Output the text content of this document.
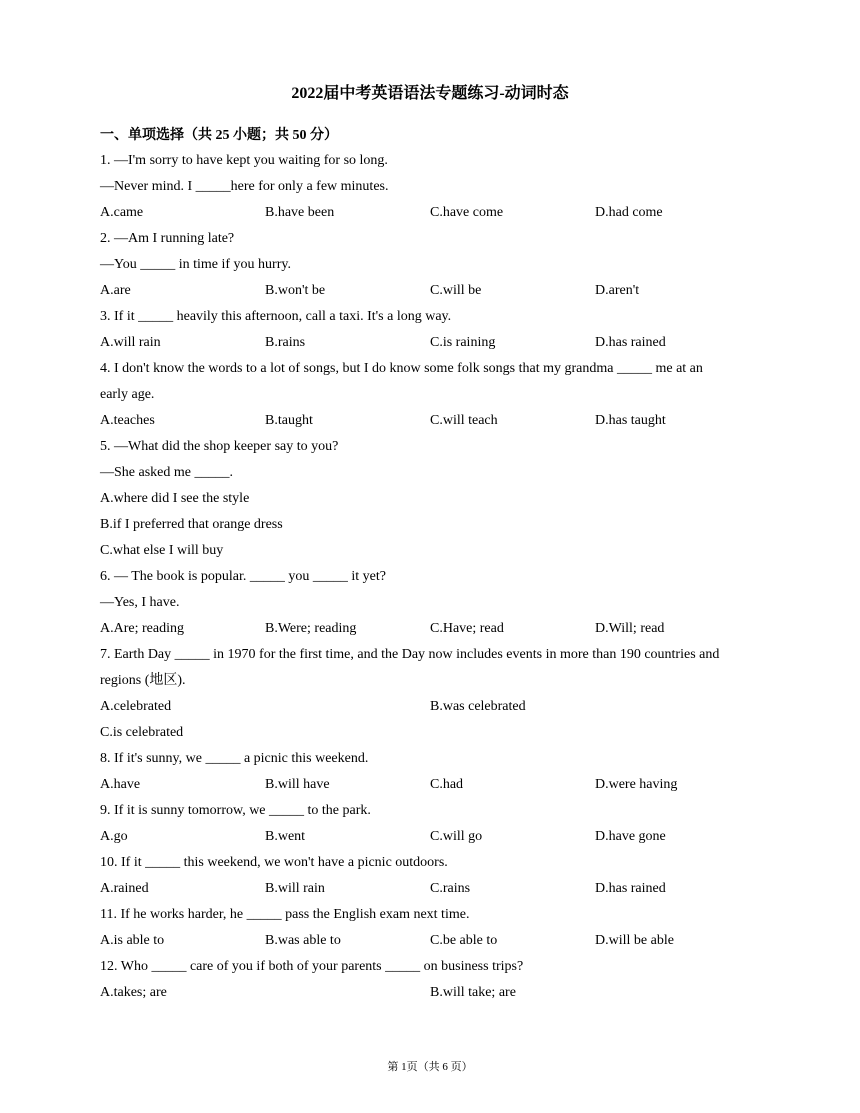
2022届中考英语语法专题练习-动词时态
一、单项选择（共 25 小题；共 50 分）
1. —I'm sorry to have kept you waiting for so long.
—Never mind. I _____here for only a few minutes.
A.came	B.have been	C.have come	D.had come
2. —Am I running late?
—You _____ in time if you hurry.
A.are	B.won't be	C.will be	D.aren't
3. If it _____ heavily this afternoon, call a taxi. It's a long way.
A.will rain	B.rains	C.is raining	D.has rained
4. I don't know the words to a lot of songs, but I do know some folk songs that my grandma _____ me at an
early age.
A.teaches	B.taught	C.will teach	D.has taught
5. —What did the shop keeper say to you?
—She asked me _____.
A.where did I see the style
B.if I preferred that orange dress
C.what else I will buy
6. — The book is popular. _____ you _____ it yet?
—Yes, I have.
A.Are; reading	B.Were; reading	C.Have; read	D.Will; read
7. Earth Day _____ in 1970 for the first time, and the Day now includes events in more than 190 countries and
regions (地区).
A.celebrated	B.was celebrated
C.is celebrated
8. If it's sunny, we _____ a picnic this weekend.
A.have	B.will have	C.had	D.were having
9. If it is sunny tomorrow, we _____ to the park.
A.go	B.went	C.will go	D.have gone
10. If it _____ this weekend, we won't have a picnic outdoors.
A.rained	B.will rain	C.rains	D.has rained
11. If he works harder, he _____ pass the English exam next time.
A.is able to	B.was able to	C.be able to	D.will be able
12. Who _____ care of you if both of your parents _____ on business trips?
A.takes; are	B.will take; are
第 1页（共 6 页）
